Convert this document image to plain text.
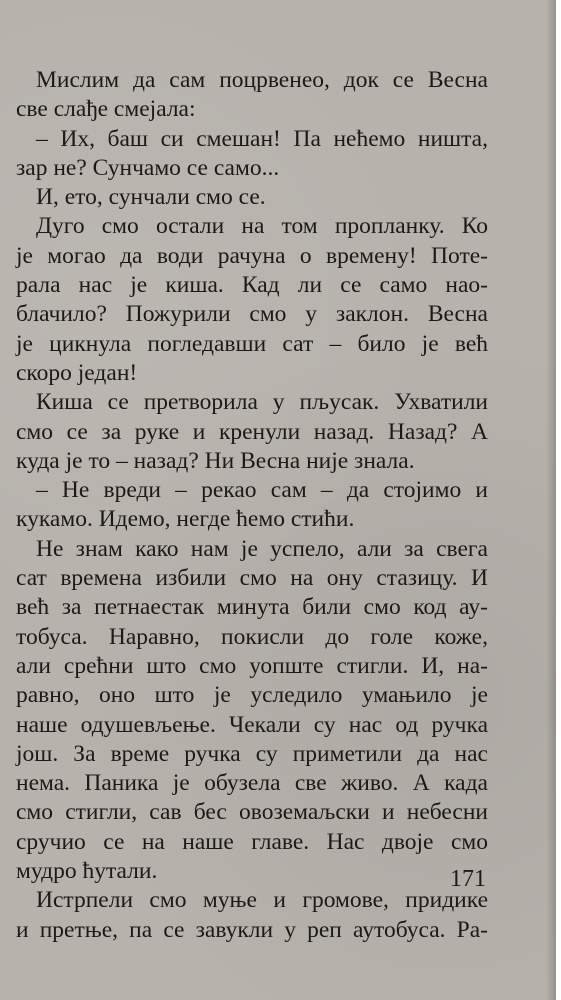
Мислим да сам поцрвенео, док се Весна
све слађе смејала:
– Их, баш си смешан! Па нећемо ништа,
зар не? Сунчамо се само...
И, ето, сунчали смо се.
Дуго смо остали на том пропланку. Ко
је могао да води рачуна о времену! Поте-
рала нас је киша. Кад ли се само нао-
блачило? Пожурили смо у заклон. Весна
је цикнула погледавши сат – било је већ
скоро један!
Киша се претворила у пљусак. Ухватили
смо се за руке и кренули назад. Назад? А
куда је то – назад? Ни Весна није знала.
– Не вреди – рекао сам – да стојимо и
кукамо. Идемо, негде ћемо стићи.
Не знам како нам је успело, али за свега
сат времена избили смо на ону стазицу. И
већ за петнаестак минута били смо код ау-
тобуса. Наравно, покисли до голе коже,
али срећни што смо уопште стигли. И, на-
равно, оно што је уследило умањило је
наше одушевљење. Чекали су нас од ручка
још. За време ручка су приметили да нас
нема. Паника је обузела све живо. А када
смо стигли, сав бес овоземаљски и небесни
сручио се на наше главе. Нас двоје смо
мудро ћутали.
Истрпели смо муње и громове, придике
и претње, па се завукли у реп аутобуса. Ра-
171
